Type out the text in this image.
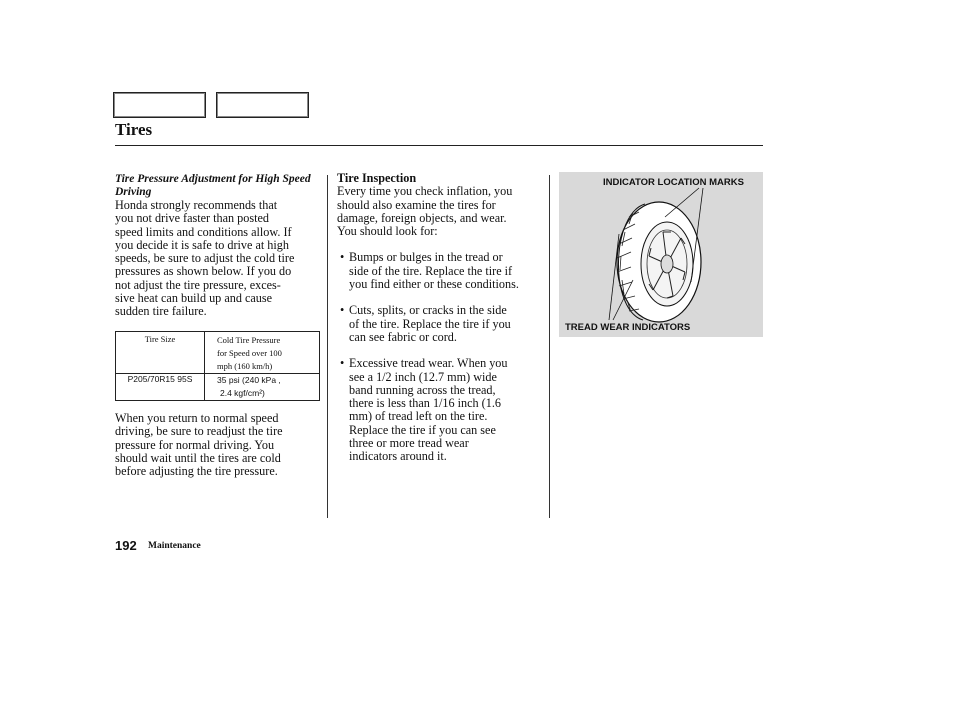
Tires
Tire Pressure Adjustment for High Speed Driving
Honda strongly recommends that
you not drive faster than posted
speed limits and conditions allow. If
you decide it is safe to drive at high
speeds, be sure to adjust the cold tire
pressures as shown below. If you do
not adjust the tire pressure, exces-
sive heat can build up and cause
sudden tire failure.
Tire Size	Cold Tire Pressure
for Speed over 100
mph (160 km/h)

P205/70R15 95S	35 psi (240 kPa ,
2.4 kgf/cm²)
When you return to normal speed
driving, be sure to readjust the tire
pressure for normal driving. You
should wait until the tires are cold
before adjusting the tire pressure.
Tire Inspection
Every time you check inflation, you
should also examine the tires for
damage, foreign objects, and wear.
You should look for:
• Bumps or bulges in the tread or
side of the tire. Replace the tire if
you find either or these conditions.
• Cuts, splits, or cracks in the side
of the tire. Replace the tire if you
can see fabric or cord.
• Excessive tread wear. When you
see a 1/2 inch (12.7 mm) wide
band running across the tread,
there is less than 1/16 inch (1.6
mm) of tread left on the tire.
Replace the tire if you can see
three or more tread wear
indicators around it.
INDICATOR LOCATION MARKS
TREAD WEAR INDICATORS
192 Maintenance
